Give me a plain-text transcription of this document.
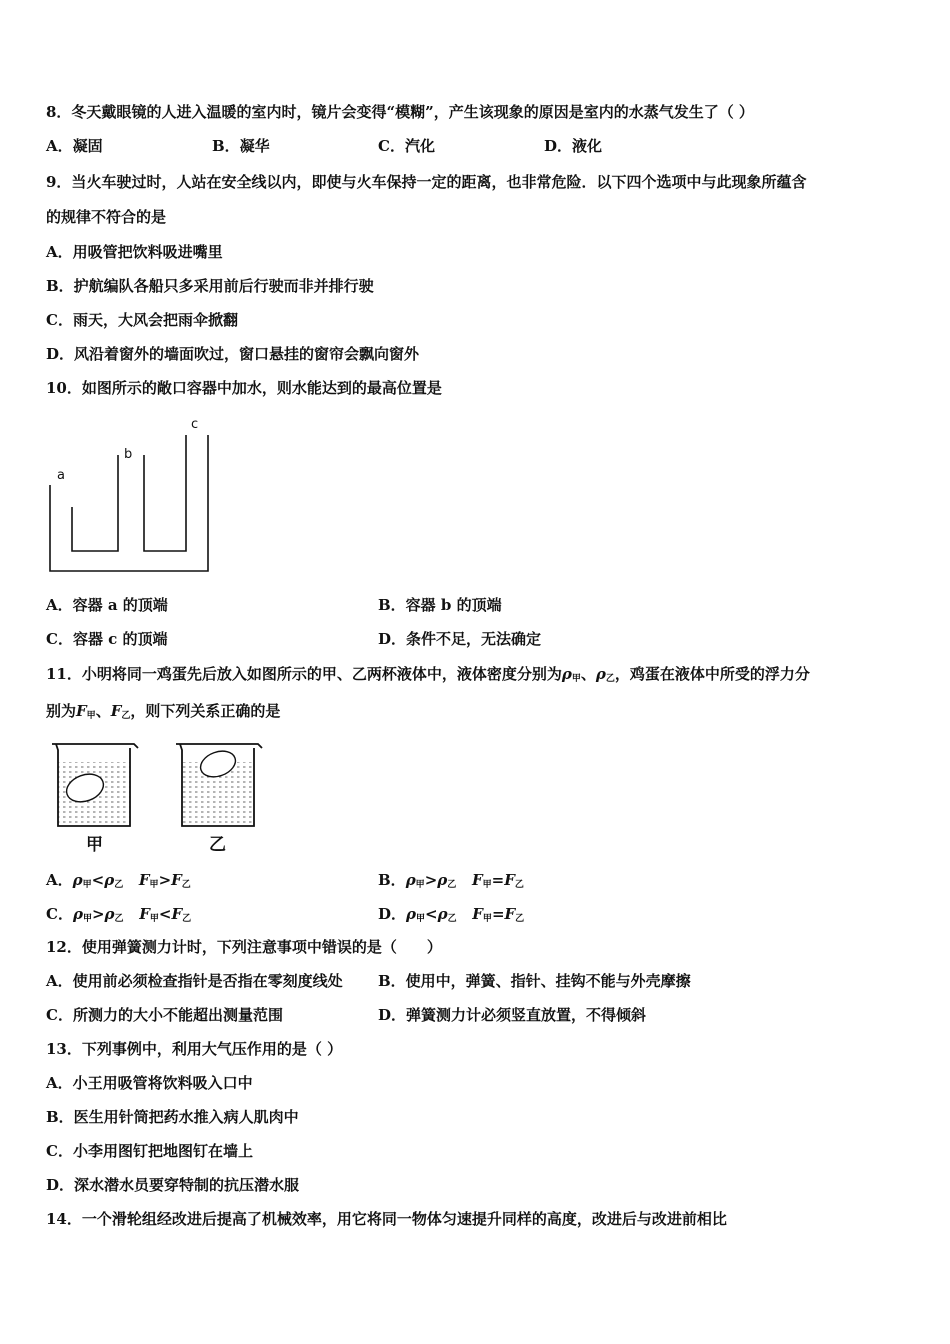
8．冬天戴眼镜的人进入温暖的室内时，镜片会变得“模糊”，产生该现象的原因是室内的水蒸气发生了（ ）
A．凝固	B．凝华	C．汽化	D．液化
9．当火车驶过时，人站在安全线以内，即使与火车保持一定的距离，也非常危险．以下四个选项中与此现象所蕴含
的规律不符合的是
A．用吸管把饮料吸进嘴里
B．护航编队各船只多采用前后行驶而非并排行驶
C．雨天，大风会把雨伞掀翻
D．风沿着窗外的墙面吹过，窗口悬挂的窗帘会飘向窗外
10．如图所示的敞口容器中加水，则水能达到的最高位置是
a
b
c
A．容器 a 的顶端	B．容器 b 的顶端
C．容器 c 的顶端	D．条件不足，无法确定
11．小明将同一鸡蛋先后放入如图所示的甲、乙两杯液体中，液体密度分别为$\rho_甲$、$\rho_乙$，鸡蛋在液体中所受的浮力分
别为$F_甲$、$F_乙$，则下列关系正确的是
甲	乙
A．$\rho_甲<\rho_乙$ $F_甲>F_乙$	B．$\rho_甲>\rho_乙$ $F_甲=F_乙$
C．$\rho_甲>\rho_乙$ $F_甲<F_乙$	D．$\rho_甲<\rho_乙$ $F_甲=F_乙$
12．使用弹簧测力计时，下列注意事项中错误的是（　　）
A．使用前必须检查指针是否指在零刻度线处 B．使用中，弹簧、指针、挂钩不能与外壳摩擦
C．所测力的大小不能超出测量范围	D．弹簧测力计必须竖直放置，不得倾斜
13．下列事例中，利用大气压作用的是（ ）
A．小王用吸管将饮料吸入口中
B．医生用针筒把药水推入病人肌肉中
C．小李用图钉把地图钉在墙上
D．深水潜水员要穿特制的抗压潜水服
14．一个滑轮组经改进后提高了机械效率，用它将同一物体匀速提升同样的高度，改进后与改进前相比
